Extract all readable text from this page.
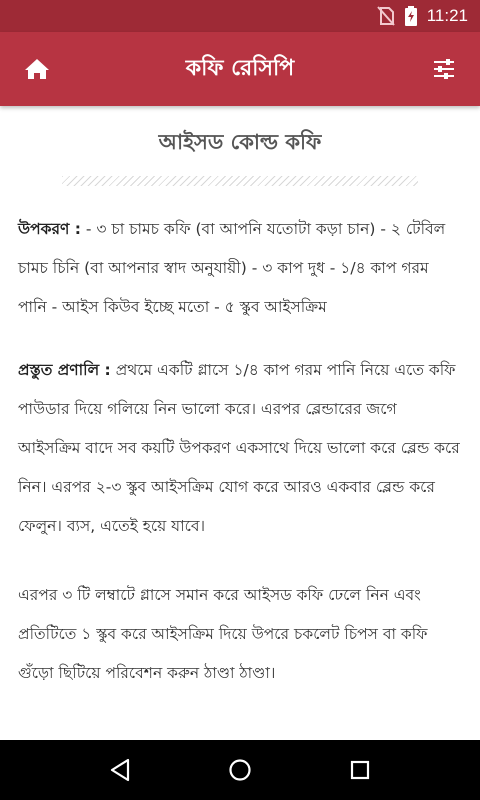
11:21
কফি রেসিপি
আইসড কোল্ড কফি

উপকরণ : - ৩ চা চামচ কফি (বা আপনি যতোটা কড়া চান) - ২ টেবিল চামচ চিনি (বা আপনার স্বাদ অনুযায়ী) - ৩ কাপ দুধ - ১/৪ কাপ গরম পানি - আইস কিউব ইচ্ছে মতো - ৫ স্কুব আইসক্রিম

প্রস্তুত প্রণালি : প্রথমে একটি গ্লাসে ১/৪ কাপ গরম পানি নিয়ে এতে কফি পাউডার দিয়ে গলিয়ে নিন ভালো করে। এরপর ব্লেন্ডারের জগে আইসক্রিম বাদে সব কয়টি উপকরণ একসাথে দিয়ে ভালো করে ব্লেন্ড করে নিন। এরপর ২-৩ স্কুব আইসক্রিম যোগ করে আরও একবার ব্লেন্ড করে ফেলুন। ব্যস, এতেই হয়ে যাবে।

এরপর ৩ টি লম্বাটে গ্লাসে সমান করে আইসড কফি ঢেলে নিন এবং প্রতিটিতে ১ স্কুব করে আইসক্রিম দিয়ে উপরে চকলেট চিপস বা কফি গুঁড়ো ছিটিয়ে পরিবেশন করুন ঠাণ্ডা ঠাণ্ডা।
